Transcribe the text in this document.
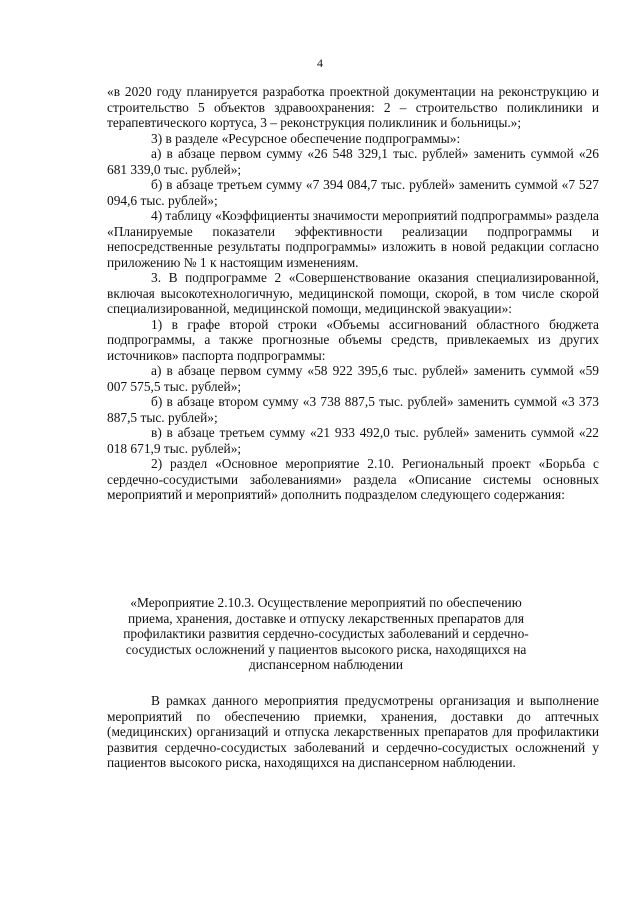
4

«в 2020 году планируется разработка проектной документации на реконструкцию и строительство 5 объектов здравоохранения: 2 – строительство поликлиники и терапевтического кортуса, 3 – реконструкция поликлиник и больницы.»;

3) в разделе «Ресурсное обеспечение подпрограммы»:

а) в абзаце первом сумму «26 548 329,1 тыс. рублей» заменить суммой «26 681 339,0 тыс. рублей»;

б) в абзаце третьем сумму «7 394 084,7 тыс. рублей» заменить суммой «7 527 094,6 тыс. рублей»;

4) таблицу «Коэффициенты значимости мероприятий подпрограммы» раздела «Планируемые показатели эффективности реализации подпрограммы и непосредственные результаты подпрограммы» изложить в новой редакции согласно приложению № 1 к настоящим изменениям.

3. В подпрограмме 2 «Совершенствование оказания специализированной, включая высокотехнологичную, медицинской помощи, скорой, в том числе скорой специализированной, медицинской помощи, медицинской эвакуации»:

1) в графе второй строки «Объемы ассигнований областного бюджета подпрограммы, а также прогнозные объемы средств, привлекаемых из других источников» паспорта подпрограммы:

а) в абзаце первом сумму «58 922 395,6 тыс. рублей» заменить суммой «59 007 575,5 тыс. рублей»;

б) в абзаце втором сумму «3 738 887,5 тыс. рублей» заменить суммой «3 373 887,5 тыс. рублей»;

в) в абзаце третьем сумму «21 933 492,0 тыс. рублей» заменить суммой «22 018 671,9 тыс. рублей»;

2) раздел «Основное мероприятие 2.10. Региональный проект «Борьба с сердечно-сосудистыми заболеваниями» раздела «Описание системы основных мероприятий и мероприятий» дополнить подразделом следующего содержания:

«Мероприятие 2.10.3. Осуществление мероприятий по обеспечению приема, хранения, доставке и отпуску лекарственных препаратов для профилактики развития сердечно-сосудистых заболеваний и сердечно-сосудистых осложнений у пациентов высокого риска, находящихся на диспансерном наблюдении

В рамках данного мероприятия предусмотрены организация и выполнение мероприятий по обеспечению приемки, хранения, доставки до аптечных (медицинских) организаций и отпуска лекарственных препаратов для профилактики развития сердечно-сосудистых заболеваний и сердечно-сосудистых осложнений у пациентов высокого риска, находящихся на диспансерном наблюдении.
